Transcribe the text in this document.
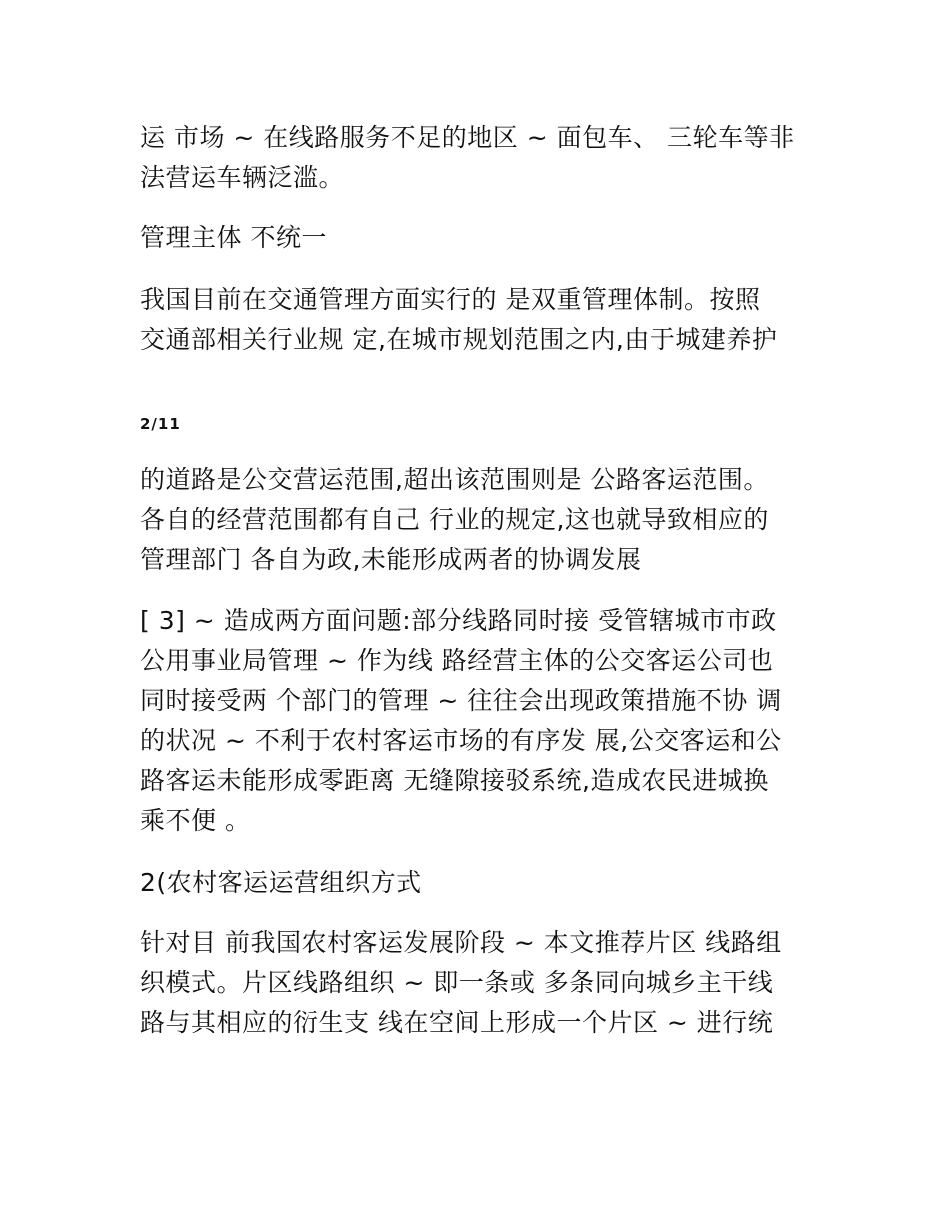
运 市场 ~ 在线路服务不足的地区 ~ 面包车、 三轮车等非
法营运车辆泛滥。
管理主体 不统一
我国目前在交通管理方面实行的 是双重管理体制。按照
交通部相关行业规 定,在城市规划范围之内,由于城建养护
2/11
的道路是公交营运范围,超出该范围则是 公路客运范围。
各自的经营范围都有自己 行业的规定,这也就导致相应的
管理部门 各自为政,未能形成两者的协调发展
[ 3] ~ 造成两方面问题:部分线路同时接 受管辖城市市政
公用事业局管理 ~ 作为线 路经营主体的公交客运公司也
同时接受两 个部门的管理 ~ 往往会出现政策措施不协 调
的状况 ~ 不利于农村客运市场的有序发 展,公交客运和公
路客运未能形成零距离 无缝隙接驳系统,造成农民进城换
乘不便 。
2(农村客运运营组织方式
针对目 前我国农村客运发展阶段 ~ 本文推荐片区 线路组
织模式。片区线路组织 ~ 即一条或 多条同向城乡主干线
路与其相应的衍生支 线在空间上形成一个片区 ~ 进行统
